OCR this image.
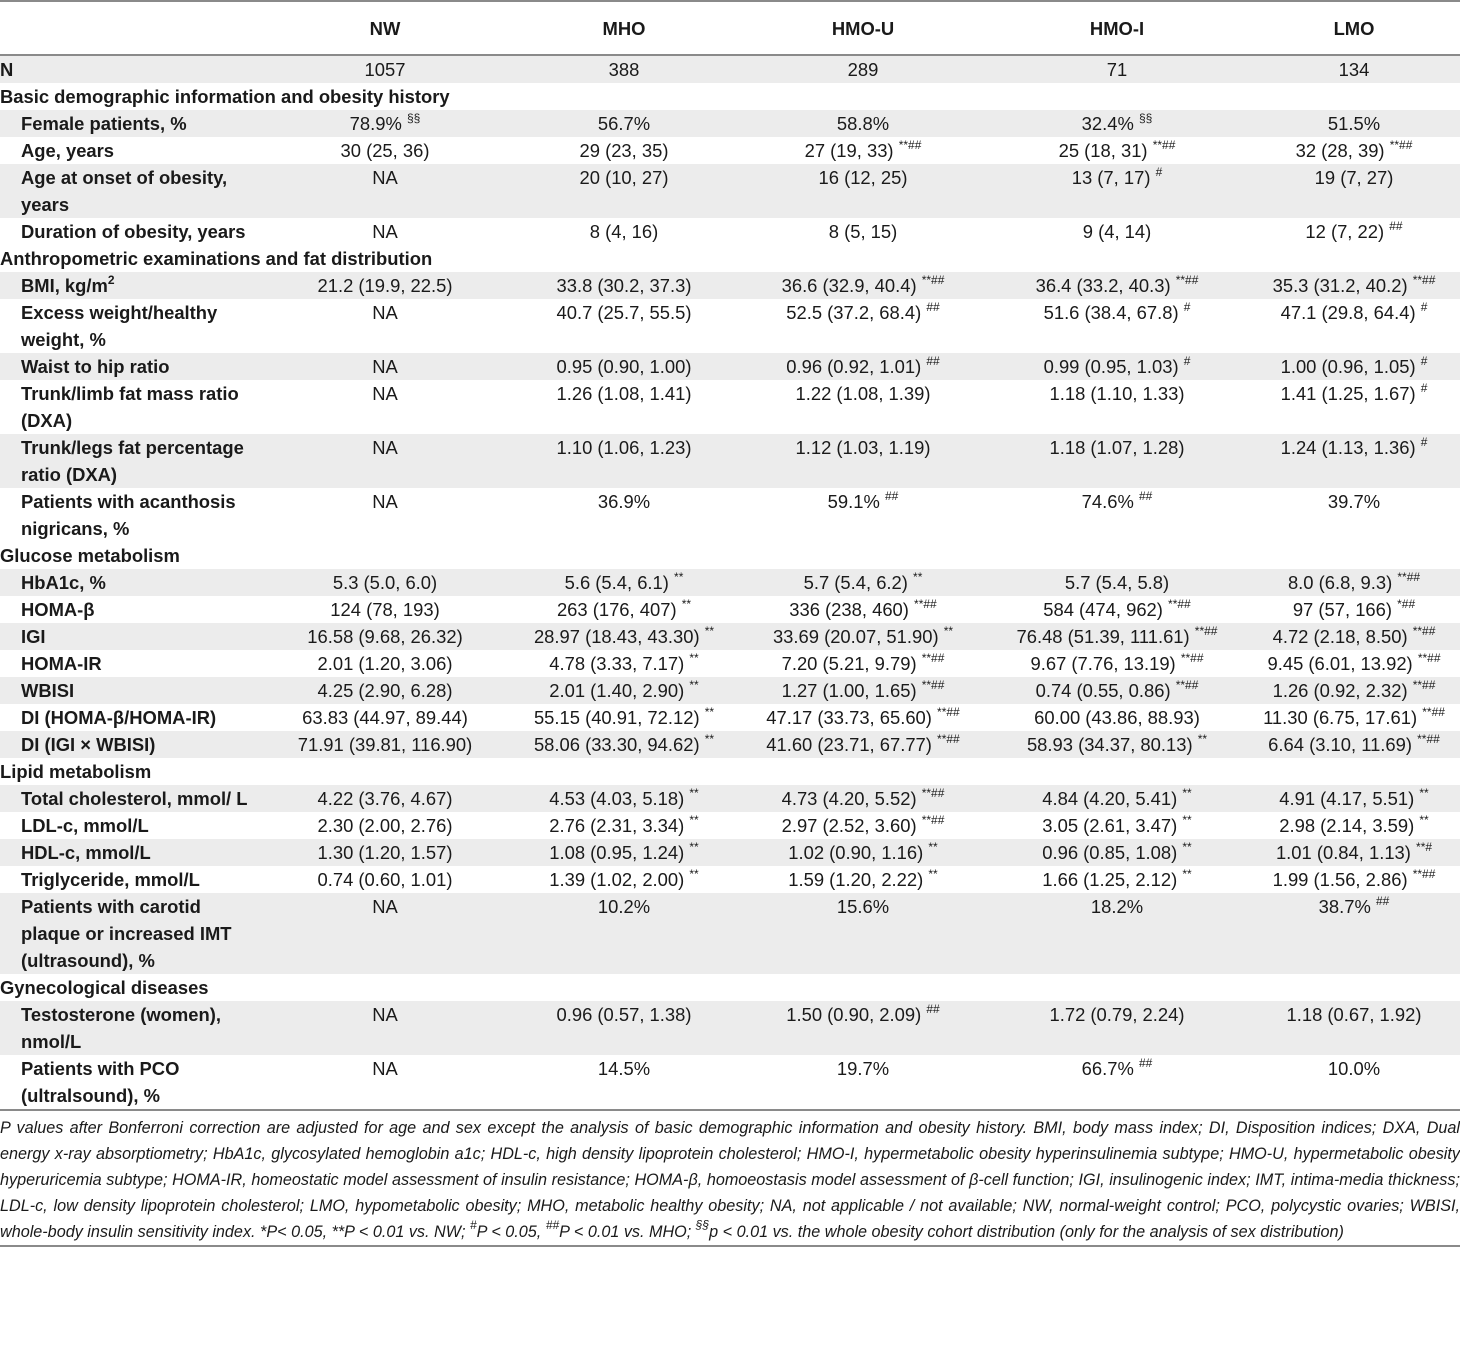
	NW	MHO	HMO-U	HMO-I	LMO
N	1057	388	289	71	134
Basic demographic information and obesity history					
Female patients, %	78.9% §§	56.7%	58.8%	32.4% §§	51.5%
Age, years	30 (25, 36)	29 (23, 35)	27 (19, 33) **##	25 (18, 31) **##	32 (28, 39) **##
Age at onset of obesity, years	NA	20 (10, 27)	16 (12, 25)	13 (7, 17) #	19 (7, 27)
Duration of obesity, years	NA	8 (4, 16)	8 (5, 15)	9 (4, 14)	12 (7, 22) ##
Anthropometric examinations and fat distribution					
BMI, $kg/m^2$	21.2 (19.9, 22.5)	33.8 (30.2, 37.3)	36.6 (32.9, 40.4) **##	36.4 (33.2, 40.3) **##	35.3 (31.2, 40.2) **##
Excess weight/healthy weight, %	NA	40.7 (25.7, 55.5)	52.5 (37.2, 68.4) ##	51.6 (38.4, 67.8) #	47.1 (29.8, 64.4) #
Waist to hip ratio	NA	0.95 (0.90, 1.00)	0.96 (0.92, 1.01) ##	0.99 (0.95, 1.03) #	1.00 (0.96, 1.05) #
Trunk/limb fat mass ratio (DXA)	NA	1.26 (1.08, 1.41)	1.22 (1.08, 1.39)	1.18 (1.10, 1.33)	1.41 (1.25, 1.67) #
Trunk/legs fat percentage ratio (DXA)	NA	1.10 (1.06, 1.23)	1.12 (1.03, 1.19)	1.18 (1.07, 1.28)	1.24 (1.13, 1.36) #
Patients with acanthosis nigricans, %	NA	36.9%	59.1% ##	74.6% ##	39.7%
Glucose metabolism					
HbA1c, %	5.3 (5.0, 6.0)	5.6 (5.4, 6.1) **	5.7 (5.4, 6.2) **	5.7 (5.4, 5.8)	8.0 (6.8, 9.3) **##
HOMA-β	124 (78, 193)	263 (176, 407) **	336 (238, 460) **##	584 (474, 962) **##	97 (57, 166) *##
IGI	16.58 (9.68, 26.32)	28.97 (18.43, 43.30) **	33.69 (20.07, 51.90) **	76.48 (51.39, 111.61) **##	4.72 (2.18, 8.50) **##
HOMA-IR	2.01 (1.20, 3.06)	4.78 (3.33, 7.17) **	7.20 (5.21, 9.79) **##	9.67 (7.76, 13.19) **##	9.45 (6.01, 13.92) **##
WBISI	4.25 (2.90, 6.28)	2.01 (1.40, 2.90) **	1.27 (1.00, 1.65) **##	0.74 (0.55, 0.86) **##	1.26 (0.92, 2.32) **##
DI (HOMA-β/HOMA-IR)	63.83 (44.97, 89.44)	55.15 (40.91, 72.12) **	47.17 (33.73, 65.60) **##	60.00 (43.86, 88.93)	11.30 (6.75, 17.61) **##
DI (IGI × WBISI)	71.91 (39.81, 116.90)	58.06 (33.30, 94.62) **	41.60 (23.71, 67.77) **##	58.93 (34.37, 80.13) **	6.64 (3.10, 11.69) **##
Lipid metabolism					
Total cholesterol, mmol/ L	4.22 (3.76, 4.67)	4.53 (4.03, 5.18) **	4.73 (4.20, 5.52) **##	4.84 (4.20, 5.41) **	4.91 (4.17, 5.51) **
LDL-c, mmol/L	2.30 (2.00, 2.76)	2.76 (2.31, 3.34) **	2.97 (2.52, 3.60) **##	3.05 (2.61, 3.47) **	2.98 (2.14, 3.59) **
HDL-c, mmol/L	1.30 (1.20, 1.57)	1.08 (0.95, 1.24) **	1.02 (0.90, 1.16) **	0.96 (0.85, 1.08) **	1.01 (0.84, 1.13) **#
Triglyceride, mmol/L	0.74 (0.60, 1.01)	1.39 (1.02, 2.00) **	1.59 (1.20, 2.22) **	1.66 (1.25, 2.12) **	1.99 (1.56, 2.86) **##
Patients with carotid plaque or increased IMT (ultrasound), %	NA	10.2%	15.6%	18.2%	38.7% ##
Gynecological diseases					
Testosterone (women), nmol/L	NA	0.96 (0.57, 1.38)	1.50 (0.90, 2.09) ##	1.72 (0.79, 2.24)	1.18 (0.67, 1.92)
Patients with PCO (ultralsound), %	NA	14.5%	19.7%	66.7% ##	10.0%
P values after Bonferroni correction are adjusted for age and sex except the analysis of basic demographic information and obesity history. BMI, body mass index; DI, Disposition indices; DXA, Dual energy x-ray absorptiometry; HbA1c, glycosylated hemoglobin a1c; HDL-c, high density lipoprotein cholesterol; HMO-I, hypermetabolic obesity hyperinsulinemia subtype; HMO-U, hypermetabolic obesity hyperuricemia subtype; HOMA-IR, homeostatic model assessment of insulin resistance; HOMA-β, homoeostasis model assessment of β-cell function; IGI, insulinogenic index; IMT, intima-media thickness; LDL-c, low density lipoprotein cholesterol; LMO, hypometabolic obesity; MHO, metabolic healthy obesity; NA, not applicable / not available; NW, normal-weight control; PCO, polycystic ovaries; WBISI, whole-body insulin sensitivity index. *P< 0.05, **P < 0.01 vs. NW; #P < 0.05, ##P < 0.01 vs. MHO; §§p < 0.01 vs. the whole obesity cohort distribution (only for the analysis of sex distribution)
